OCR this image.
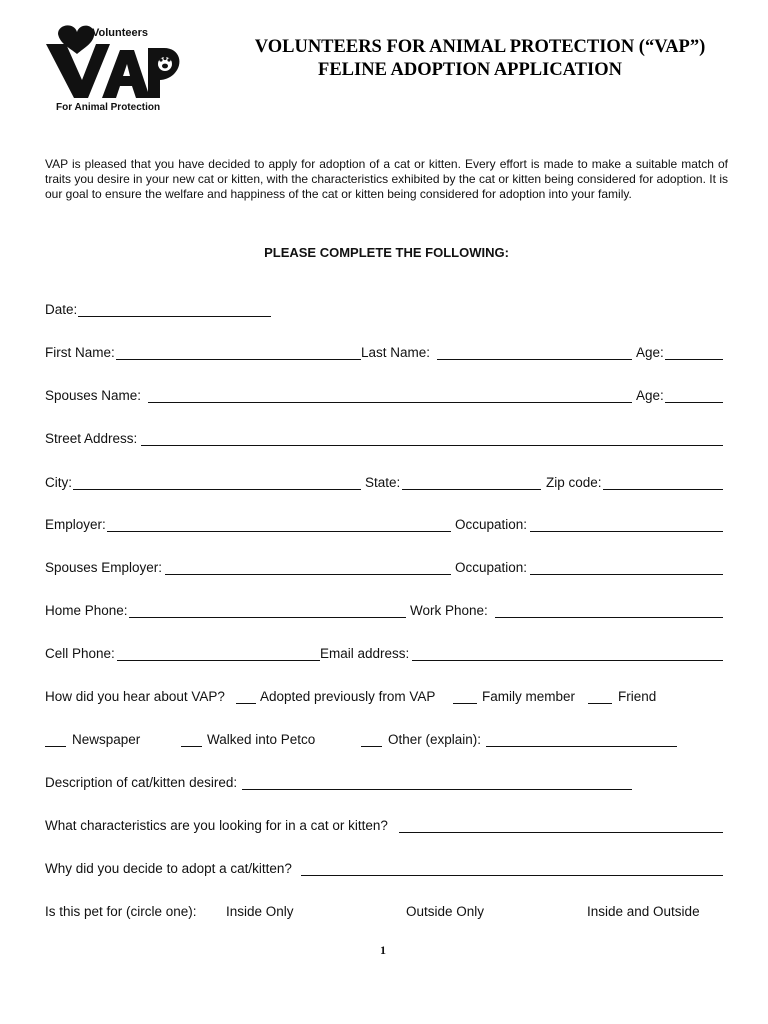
Volunteers
For Animal Protection
VOLUNTEERS FOR ANIMAL PROTECTION (“VAP”)
FELINE ADOPTION APPLICATION
VAP is pleased that you have decided to apply for adoption of a cat or kitten. Every effort is made to make a suitable match of traits you desire in your new cat or kitten, with the characteristics exhibited by the cat or kitten being considered for adoption. It is our goal to ensure the welfare and happiness of the cat or kitten being considered for adoption into your family.
PLEASE COMPLETE THE FOLLOWING:
Date:
First Name:	Last Name:	Age:
Spouses Name:	Age:
Street Address:
City:	State:	Zip code:
Employer:	Occupation:
Spouses Employer:	Occupation:
Home Phone:	Work Phone:
Cell Phone:	Email address:
How did you hear about VAP?	Adopted previously from VAP	Family member	Friend
Newspaper	Walked into Petco	Other (explain):
Description of cat/kitten desired:
What characteristics are you looking for in a cat or kitten?
Why did you decide to adopt a cat/kitten?
Is this pet for (circle one): Inside Only	Outside Only	Inside and Outside
1
